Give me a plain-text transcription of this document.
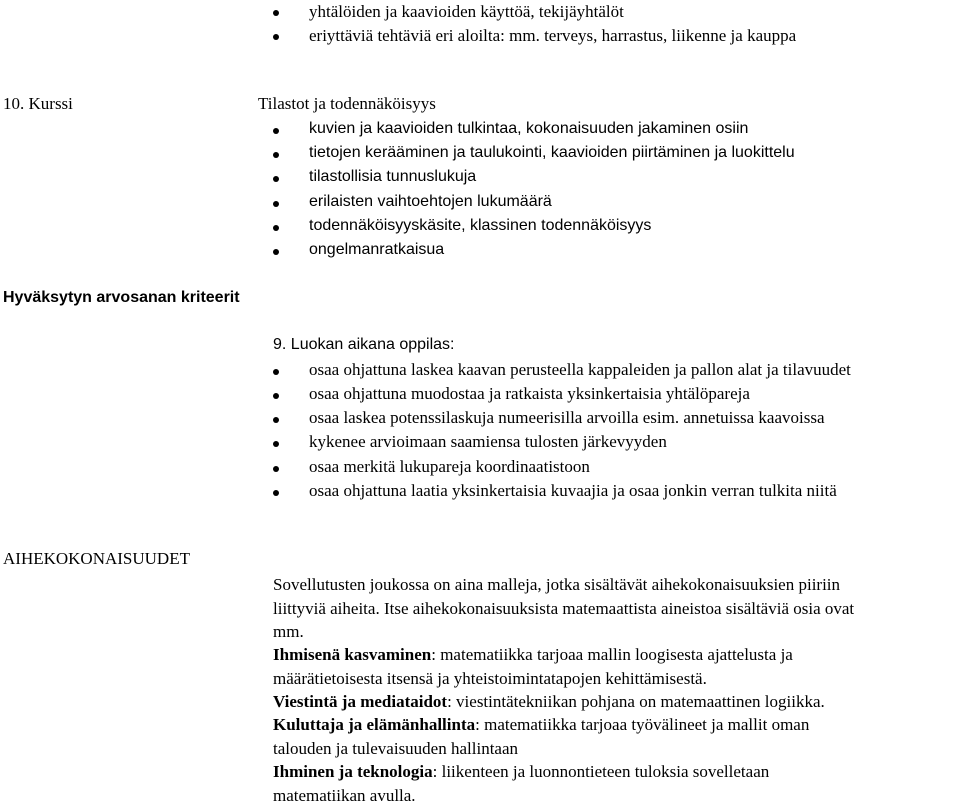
yhtälöiden ja kaavioiden käyttöä, tekijäyhtälöt
eriyttäviä tehtäviä eri aloilta: mm. terveys, harrastus, liikenne ja kauppa
10. Kurssi	Tilastot ja todennäköisyys
kuvien ja kaavioiden tulkintaa, kokonaisuuden jakaminen osiin
tietojen kerääminen ja taulukointi, kaavioiden piirtäminen ja luokittelu
tilastollisia tunnuslukuja
erilaisten vaihtoehtojen lukumäärä
todennäköisyyskäsite, klassinen todennäköisyys
ongelmanratkaisua
Hyväksytyn arvosanan kriteerit
9. Luokan aikana oppilas:
osaa ohjattuna laskea kaavan perusteella kappaleiden ja pallon alat ja tilavuudet
osaa ohjattuna muodostaa ja ratkaista yksinkertaisia yhtälöpareja
osaa laskea potenssilaskuja numeerisilla arvoilla esim. annetuissa kaavoissa
kykenee arvioimaan saamiensa tulosten järkevyyden
osaa merkitä lukupareja koordinaatistoon
osaa ohjattuna laatia yksinkertaisia kuvaajia ja osaa jonkin verran tulkita niitä
AIHEKOKONAISUUDET
Sovellutusten joukossa on aina malleja, jotka sisältävät aihekokonaisuuksien piiriin
liittyviä aiheita. Itse aihekokonaisuuksista matemaattista aineistoa sisältäviä osia ovat
mm.
Ihmisenä kasvaminen: matematiikka tarjoaa mallin loogisesta ajattelusta ja
määrätietoisesta itsensä ja yhteistoimintatapojen kehittämisestä.
Viestintä ja mediataidot: viestintätekniikan pohjana on matemaattinen logiikka.
Kuluttaja ja elämänhallinta: matematiikka tarjoaa työvälineet ja mallit oman
talouden ja tulevaisuuden hallintaan
Ihminen ja teknologia: liikenteen ja luonnontieteen tuloksia sovelletaan
matematiikan avulla.
